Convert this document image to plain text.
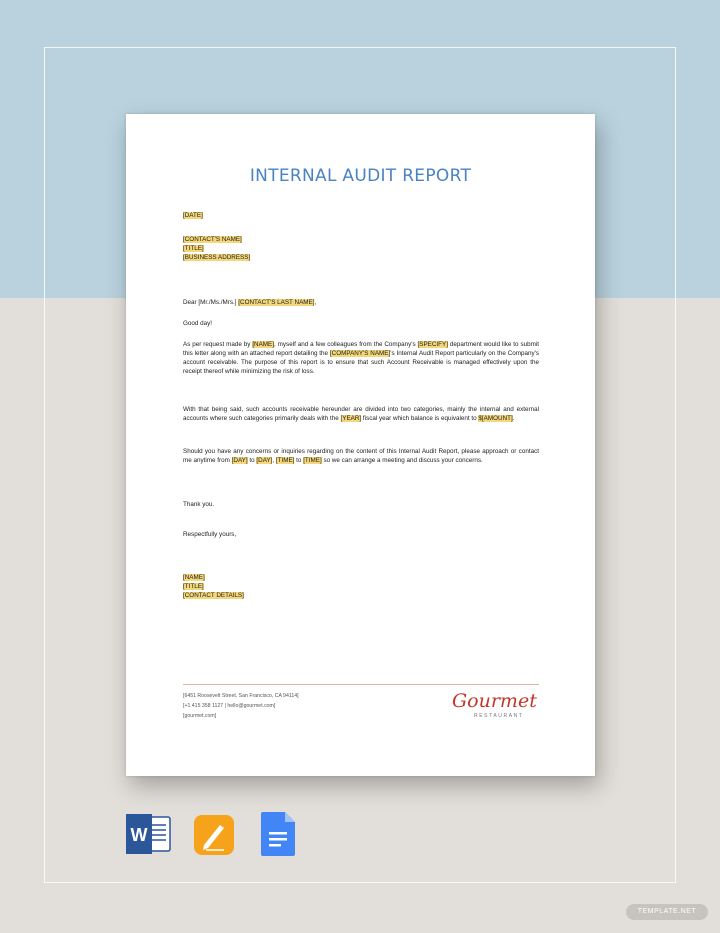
INTERNAL AUDIT REPORT
[DATE]
[CONTACT'S NAME]
[TITLE]
[BUSINESS ADDRESS]
Dear [Mr./Ms./Mrs.] [CONTACT'S LAST NAME],
Good day!
As per request made by [NAME], myself and a few colleagues from the Company's [SPECIFY] department would like to submit this letter along with an attached report detailing the [COMPANY'S NAME]'s Internal Audit Report particularly on the Company's account receivable. The purpose of this report is to ensure that such Account Receivable is managed effectively upon the receipt thereof while minimizing the risk of loss.
With that being said, such accounts receivable hereunder are divided into two categories, mainly the internal and external accounts where such categories primarily deals with the [YEAR] fiscal year which balance is equivalent to $[AMOUNT].
Should you have any concerns or inquiries regarding on the content of this Internal Audit Report, please approach or contact me anytime from [DAY] to [DAY], [TIME] to [TIME] so we can arrange a meeting and discuss your concerns.
Thank you.
Respectfully yours,
[NAME]
[TITLE]
[CONTACT DETAILS]
[6451 Roosevelt Street, San Francisco, CA 94114]
[+1 415 358 1127 | hello@gourmet.com]
[gourmet.com]
Gourmet
RESTAURANT
W
TEMPLATE.NET
